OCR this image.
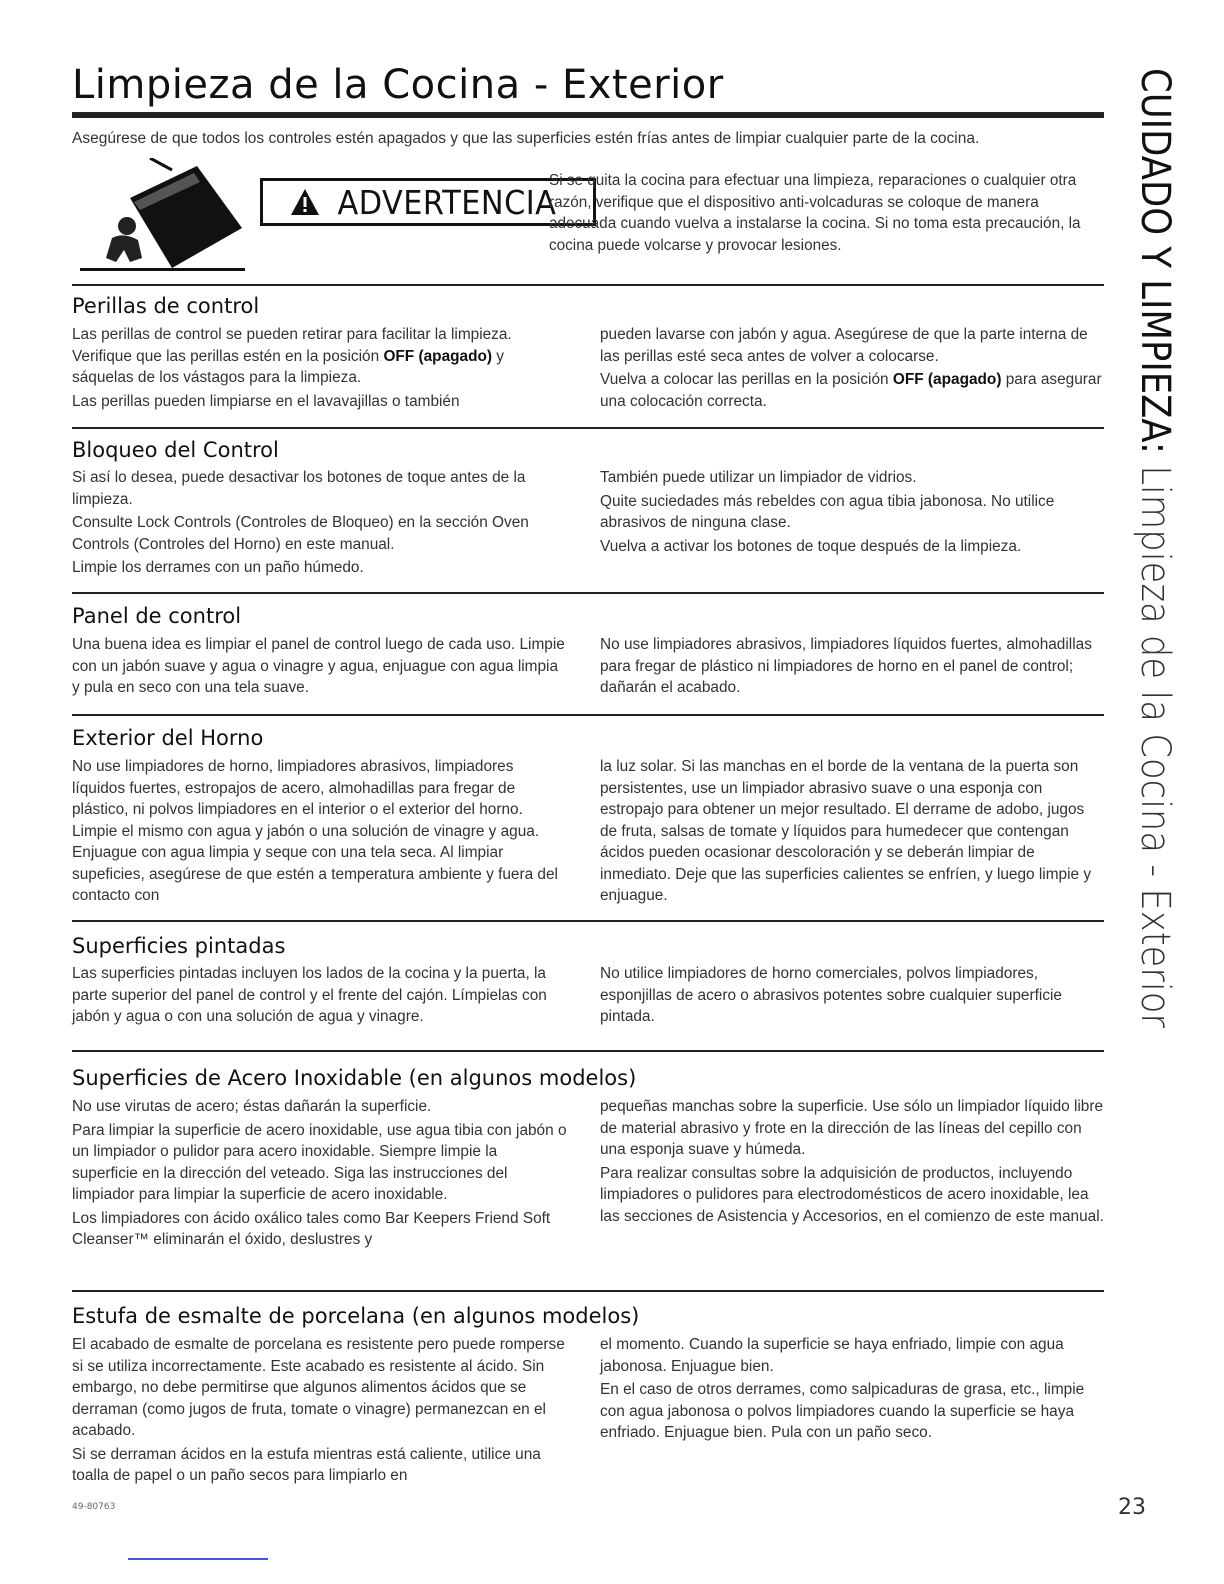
Limpieza de la Cocina - Exterior
Asegúrese de que todos los controles estén apagados y que las superficies estén frías antes de limpiar cualquier parte de la cocina.
ADVERTENCIA
Si se quita la cocina para efectuar una limpieza, reparaciones o cualquier otra razón, verifique que el dispositivo anti-volcaduras se coloque de manera adecuada cuando vuelva a instalarse la cocina. Si no toma esta precaución, la cocina puede volcarse y provocar lesiones.
Perillas de control

Las perillas de control se pueden retirar para facilitar la limpieza. Verifique que las perillas estén en la posición OFF (apagado) y sáquelas de los vástagos para la limpieza.

Las perillas pueden limpiarse en el lavavajillas o también

pueden lavarse con jabón y agua. Asegúrese de que la parte interna de las perillas esté seca antes de volver a colocarse.

Vuelva a colocar las perillas en la posición OFF (apagado) para asegurar una colocación correcta.

Bloqueo del Control

Si así lo desea, puede desactivar los botones de toque antes de la limpieza.

Consulte Lock Controls (Controles de Bloqueo) en la sección Oven Controls (Controles del Horno) en este manual.

Limpie los derrames con un paño húmedo.

También puede utilizar un limpiador de vidrios.

Quite suciedades más rebeldes con agua tibia jabonosa. No utilice abrasivos de ninguna clase.

Vuelva a activar los botones de toque después de la limpieza.

Panel de control

Una buena idea es limpiar el panel de control luego de cada uso. Limpie con un jabón suave y agua o vinagre y agua, enjuague con agua limpia y pula en seco con una tela suave.

No use limpiadores abrasivos, limpiadores líquidos fuertes, almohadillas para fregar de plástico ni limpiadores de horno en el panel de control; dañarán el acabado.

Exterior del Horno

No use limpiadores de horno, limpiadores abrasivos, limpiadores líquidos fuertes, estropajos de acero, almohadillas para fregar de plástico, ni polvos limpiadores en el interior o el exterior del horno. Limpie el mismo con agua y jabón o una solución de vinagre y agua. Enjuague con agua limpia y seque con una tela seca. Al limpiar supeficies, asegúrese de que estén a temperatura ambiente y fuera del contacto con

la luz solar. Si las manchas en el borde de la ventana de la puerta son persistentes, use un limpiador abrasivo suave o una esponja con estropajo para obtener un mejor resultado. El derrame de adobo, jugos de fruta, salsas de tomate y líquidos para humedecer que contengan ácidos pueden ocasionar descoloración y se deberán limpiar de inmediato. Deje que las superficies calientes se enfríen, y luego limpie y enjuague.

Superficies pintadas

Las superficies pintadas incluyen los lados de la cocina y la puerta, la parte superior del panel de control y el frente del cajón. Límpielas con jabón y agua o con una solución de agua y vinagre.

No utilice limpiadores de horno comerciales, polvos limpiadores, esponjillas de acero o abrasivos potentes sobre cualquier superficie pintada.

Superficies de Acero Inoxidable (en algunos modelos)

No use virutas de acero; éstas dañarán la superficie.

Para limpiar la superficie de acero inoxidable, use agua tibia con jabón o un limpiador o pulidor para acero inoxidable. Siempre limpie la superficie en la dirección del veteado. Siga las instrucciones del limpiador para limpiar la superficie de acero inoxidable.

Los limpiadores con ácido oxálico tales como Bar Keepers Friend Soft Cleanser™ eliminarán el óxido, deslustres y

pequeñas manchas sobre la superficie. Use sólo un limpiador líquido libre de material abrasivo y frote en la dirección de las líneas del cepillo con una esponja suave y húmeda.

Para realizar consultas sobre la adquisición de productos, incluyendo limpiadores o pulidores para electrodomésticos de acero inoxidable, lea las secciones de Asistencia y Accesorios, en el comienzo de este manual.

Estufa de esmalte de porcelana (en algunos modelos)

El acabado de esmalte de porcelana es resistente pero puede romperse si se utiliza incorrectamente. Este acabado es resistente al ácido. Sin embargo, no debe permitirse que algunos alimentos ácidos que se derraman (como jugos de fruta, tomate o vinagre) permanezcan en el acabado.

Si se derraman ácidos en la estufa mientras está caliente, utilice una toalla de papel o un paño secos para limpiarlo en

el momento. Cuando la superficie se haya enfriado, limpie con agua jabonosa. Enjuague bien.

En el caso de otros derrames, como salpicaduras de grasa, etc., limpie con agua jabonosa o polvos limpiadores cuando la superficie se haya enfriado. Enjuague bien. Pula con un paño seco.

CUIDADO Y LIMPIEZA: Limpieza de la Cocina - Exterior
49-80763	23
